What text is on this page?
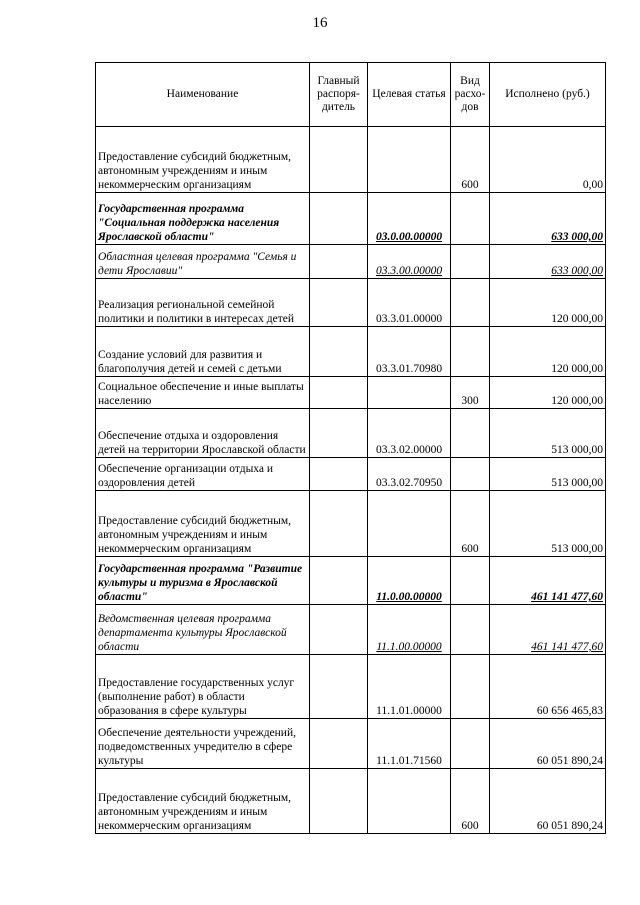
16
Наименование	Главный распоря-дитель	Целевая статья	Вид расхо-дов	Исполнено (руб.)
Предоставление субсидий бюджетным, автономным учреждениям и иным некоммерческим организациям			600	0,00
Государственная программа "Социальная поддержка населения Ярославской области"		03.0.00.00000		633 000,00
Областная целевая программа "Семья и дети Ярославии"		03.3.00.00000		633 000,00
Реализация региональной семейной политики и политики в интересах детей		03.3.01.00000		120 000,00
Создание условий для развития и благополучия детей и семей с детьми		03.3.01.70980		120 000,00
Социальное обеспечение и иные выплаты населению			300	120 000,00
Обеспечение отдыха и оздоровления детей на территории Ярославской области		03.3.02.00000		513 000,00
Обеспечение организации отдыха и оздоровления детей		03.3.02.70950		513 000,00
Предоставление субсидий бюджетным, автономным учреждениям и иным некоммерческим организациям			600	513 000,00
Государственная программа "Развитие культуры и туризма в Ярославской области"		11.0.00.00000		461 141 477,60
Ведомственная целевая программа департамента культуры Ярославской области		11.1.00.00000		461 141 477,60
Предоставление государственных услуг (выполнение работ) в области образования в сфере культуры		11.1.01.00000		60 656 465,83
Обеспечение деятельности учреждений, подведомственных учредителю в сфере культуры		11.1.01.71560		60 051 890,24
Предоставление субсидий бюджетным, автономным учреждениям и иным некоммерческим организациям			600	60 051 890,24
